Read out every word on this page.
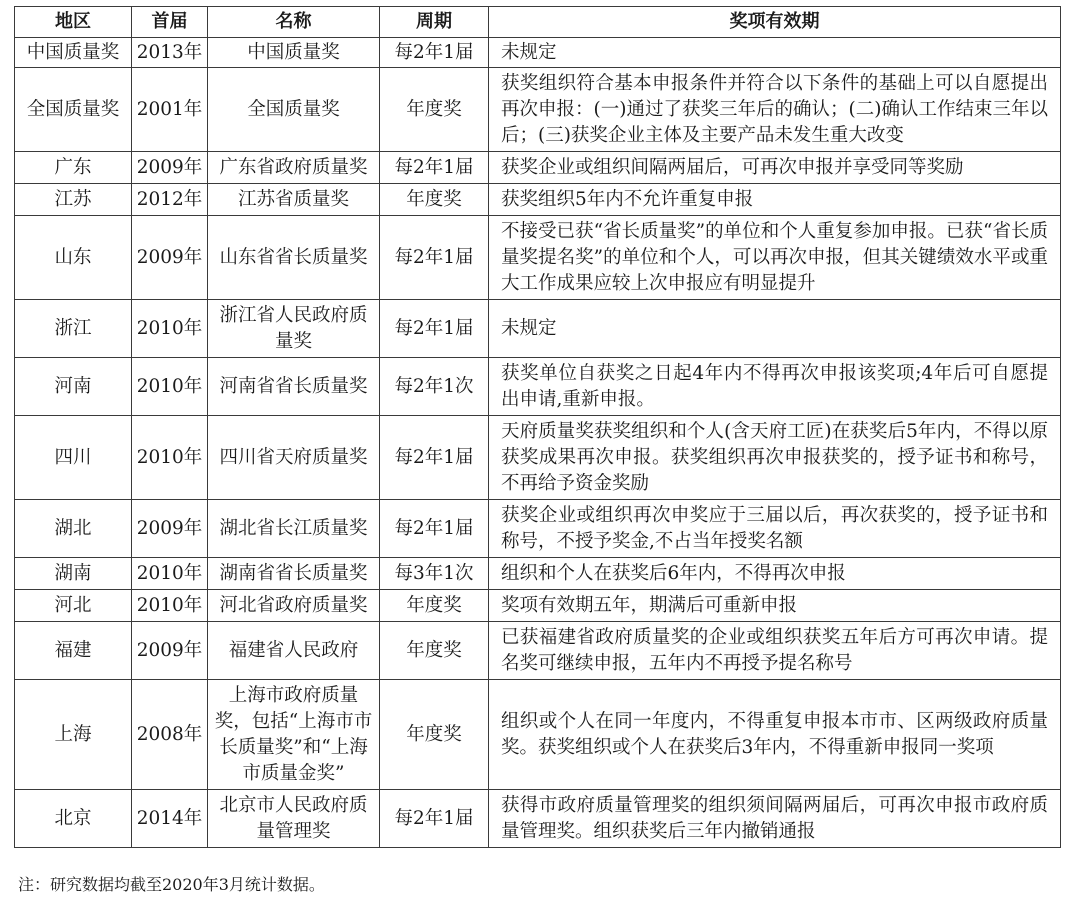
地区	首届	名称	周期	奖项有效期
中国质量奖	2013年	中国质量奖	每2年1届	未规定
全国质量奖	2001年	全国质量奖	年度奖	获奖组织符合基本申报条件并符合以下条件的基础上可以自愿提出再次申报：(一)通过了获奖三年后的确认；(二)确认工作结束三年以后；(三)获奖企业主体及主要产品未发生重大改变
广东	2009年	广东省政府质量奖	每2年1届	获奖企业或组织间隔两届后，可再次申报并享受同等奖励
江苏	2012年	江苏省质量奖	年度奖	获奖组织5年内不允许重复申报
山东	2009年	山东省省长质量奖	每2年1届	不接受已获“省长质量奖”的单位和个人重复参加申报。已获“省长质量奖提名奖”的单位和个人，可以再次申报，但其关键绩效水平或重大工作成果应较上次申报应有明显提升
浙江	2010年	浙江省人民政府质量奖	每2年1届	未规定
河南	2010年	河南省省长质量奖	每2年1次	获奖单位自获奖之日起4年内不得再次申报该奖项;4年后可自愿提出申请,重新申报。
四川	2010年	四川省天府质量奖	每2年1届	天府质量奖获奖组织和个人(含天府工匠)在获奖后5年内，不得以原获奖成果再次申报。获奖组织再次申报获奖的，授予证书和称号，不再给予资金奖励
湖北	2009年	湖北省长江质量奖	每2年1届	获奖企业或组织再次申奖应于三届以后，再次获奖的，授予证书和称号，不授予奖金,不占当年授奖名额
湖南	2010年	湖南省省长质量奖	每3年1次	组织和个人在获奖后6年内，不得再次申报
河北	2010年	河北省政府质量奖	年度奖	奖项有效期五年，期满后可重新申报
福建	2009年	福建省人民政府	年度奖	已获福建省政府质量奖的企业或组织获奖五年后方可再次申请。提名奖可继续申报，五年内不再授予提名称号
上海	2008年	上海市政府质量奖，包括“上海市市长质量奖”和“上海市质量金奖”	年度奖	组织或个人在同一年度内，不得重复申报本市市、区两级政府质量奖。获奖组织或个人在获奖后3年内，不得重新申报同一奖项
北京	2014年	北京市人民政府质量管理奖	每2年1届	获得市政府质量管理奖的组织须间隔两届后，可再次申报市政府质量管理奖。组织获奖后三年内撤销通报
注：研究数据均截至2020年3月统计数据。
